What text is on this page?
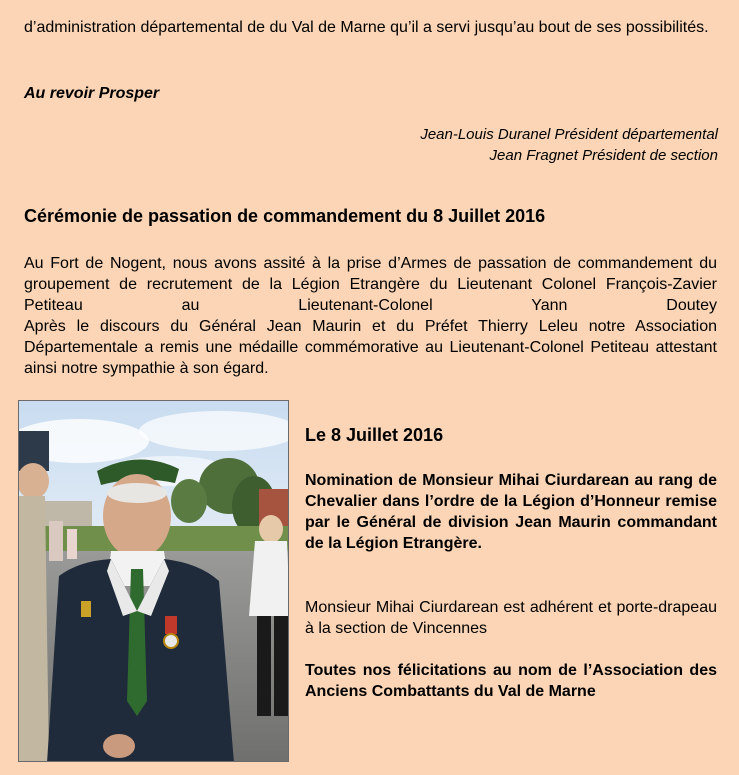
d’administration départemental de du Val de Marne qu’il a servi jusqu’au bout de ses possibilités.

Au revoir Prosper

Jean-Louis Duranel Président départemental
Jean Fragnet Président de section
Cérémonie de passation de commandement du 8 Juillet 2016

Au Fort de Nogent, nous avons assité à la prise d’Armes de passation de commandement du groupement de recrutement de la Légion Etrangère du Lieutenant Colonel François-Zavier Petiteau au Lieutenant-Colonel Yann Doutey
Après le discours du Général Jean Maurin et du Préfet Thierry Leleu notre Association Départementale a remis une médaille commémorative au Lieutenant-Colonel Petiteau attestant ainsi notre sympathie à son égard.

Le 8 Juillet 2016

Nomination de Monsieur Mihai Ciurdarean au rang de Chevalier dans l’ordre de la Légion d’Honneur remise par le Général de division Jean Maurin commandant de la Légion Etrangère.

Monsieur Mihai Ciurdarean est adhérent et porte-drapeau à la section de Vincennes

Toutes nos félicitations au nom de l’Association des Anciens Combattants du Val de Marne
